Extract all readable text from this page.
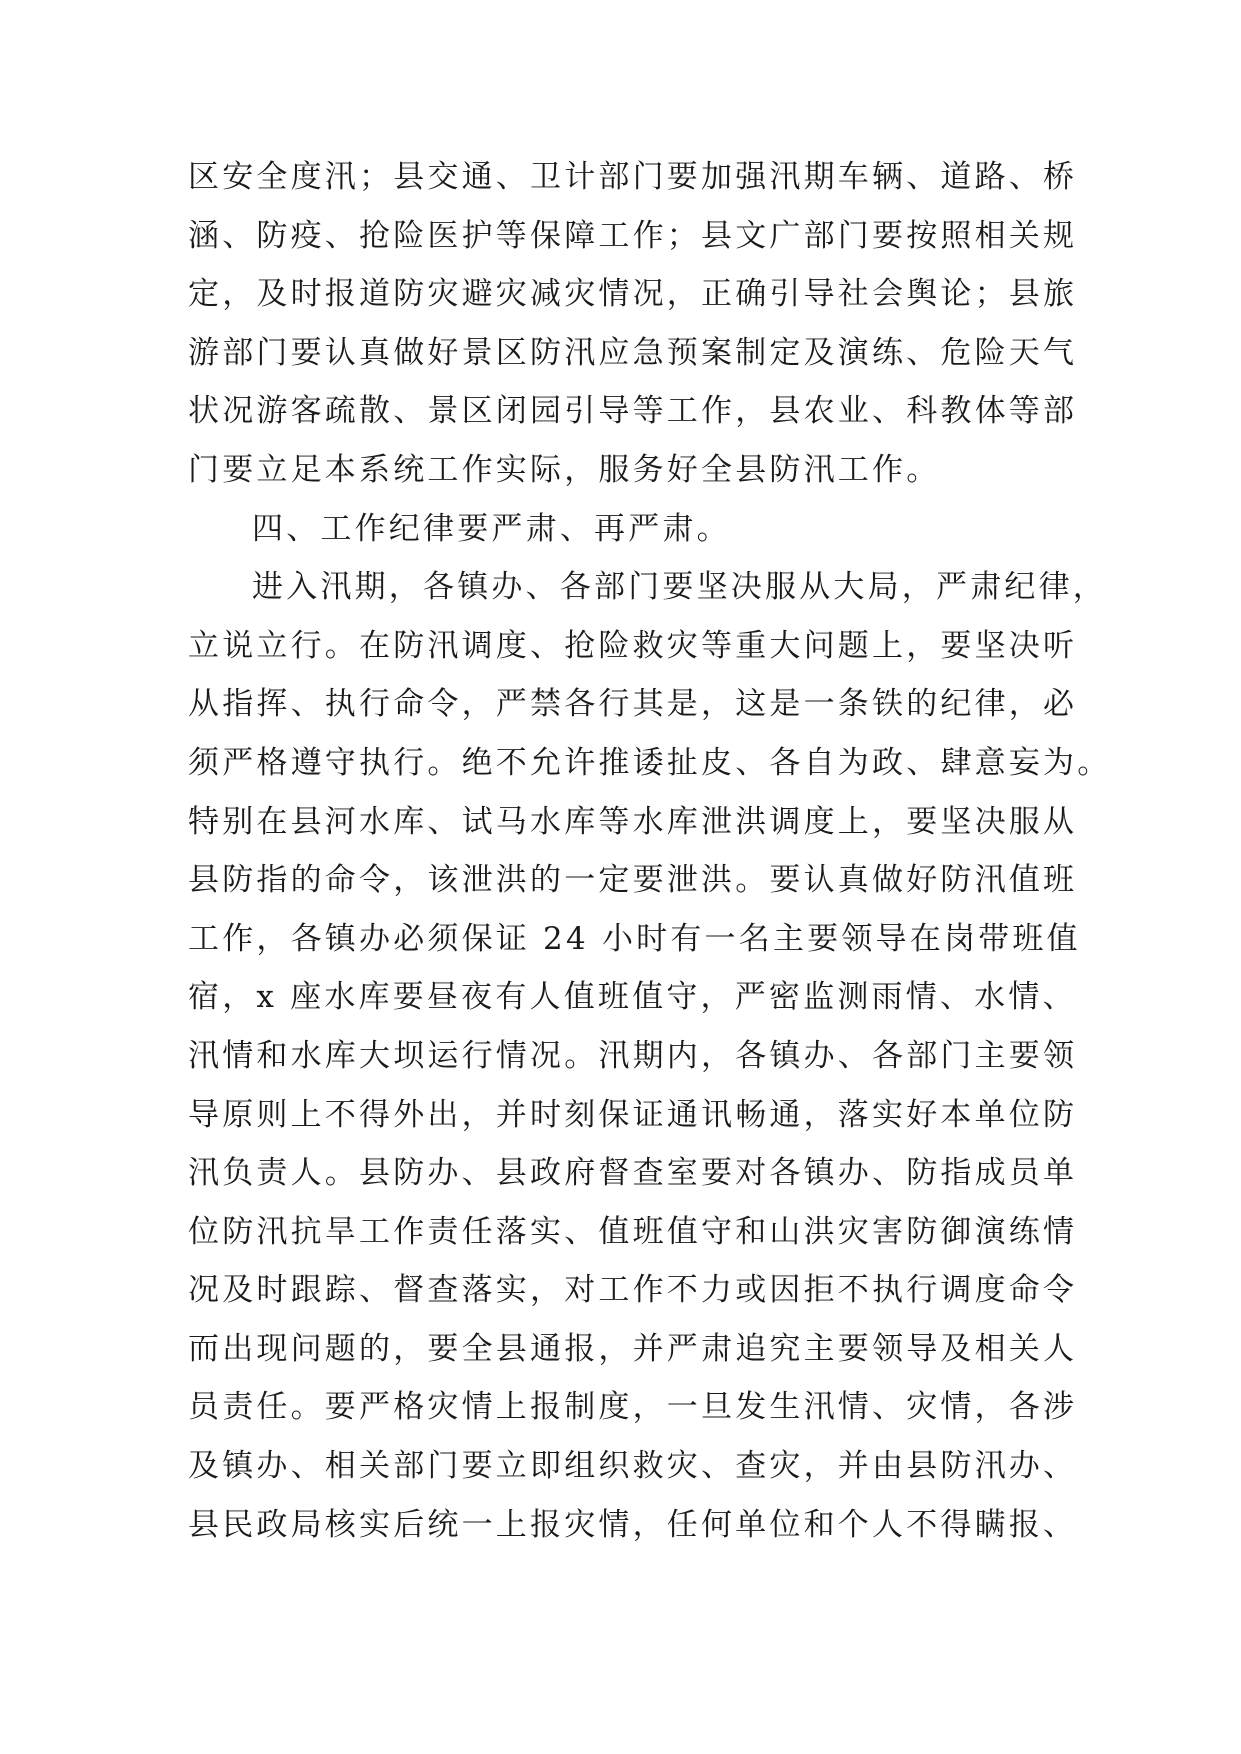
区安全度汛；县交通、卫计部门要加强汛期车辆、道路、桥
涵、防疫、抢险医护等保障工作；县文广部门要按照相关规
定，及时报道防灾避灾减灾情况，正确引导社会舆论；县旅
游部门要认真做好景区防汛应急预案制定及演练、危险天气
状况游客疏散、景区闭园引导等工作，县农业、科教体等部
门要立足本系统工作实际，服务好全县防汛工作。
四、工作纪律要严肃、再严肃。
进入汛期，各镇办、各部门要坚决服从大局，严肃纪律，
立说立行。在防汛调度、抢险救灾等重大问题上，要坚决听
从指挥、执行命令，严禁各行其是，这是一条铁的纪律，必
须严格遵守执行。绝不允许推诿扯皮、各自为政、肆意妄为。
特别在县河水库、试马水库等水库泄洪调度上，要坚决服从
县防指的命令，该泄洪的一定要泄洪。要认真做好防汛值班
工作，各镇办必须保证 24 小时有一名主要领导在岗带班值
宿，x 座水库要昼夜有人值班值守，严密监测雨情、水情、
汛情和水库大坝运行情况。汛期内，各镇办、各部门主要领
导原则上不得外出，并时刻保证通讯畅通，落实好本单位防
汛负责人。县防办、县政府督查室要对各镇办、防指成员单
位防汛抗旱工作责任落实、值班值守和山洪灾害防御演练情
况及时跟踪、督查落实，对工作不力或因拒不执行调度命令
而出现问题的，要全县通报，并严肃追究主要领导及相关人
员责任。要严格灾情上报制度，一旦发生汛情、灾情，各涉
及镇办、相关部门要立即组织救灾、查灾，并由县防汛办、
县民政局核实后统一上报灾情，任何单位和个人不得瞒报、
